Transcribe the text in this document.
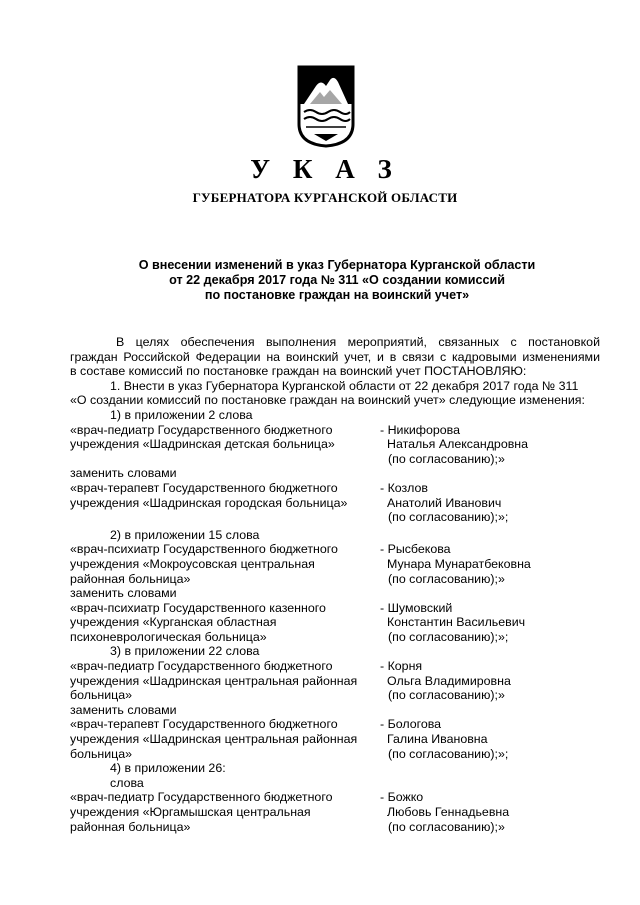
У К А З
ГУБЕРНАТОРА КУРГАНСКОЙ ОБЛАСТИ
О внесении изменений в указ Губернатора Курганской области
от 22 декабря 2017 года № 311 «О создании комиссий
по постановке граждан на воинский учет»
В целях обеспечения выполнения мероприятий, связанных с постановкой
граждан Российской Федерации на воинский учет, и в связи с кадровыми изменениями
в составе комиссий по постановке граждан на воинский учет ПОСТАНОВЛЯЮ:
1. Внести в указ Губернатора Курганской области от 22 декабря 2017 года № 311
«О создании комиссий по постановке граждан на воинский учет» следующие изменения:
1) в приложении 2 слова
«врач-педиатр Государственного бюджетного
учреждения «Шадринская детская больница»
- Никифорова
Наталья Александровна
(по согласованию);»
заменить словами
«врач-терапевт Государственного бюджетного
учреждения «Шадринская городская больница»
- Козлов
Анатолий Иванович
(по согласованию);»;
2) в приложении 15 слова
«врач-психиатр Государственного бюджетного
учреждения «Мокроусовская центральная
районная больница»
- Рысбекова
Мунара Мунаратбековна
(по согласованию);»
заменить словами
«врач-психиатр Государственного казенного
учреждения «Курганская областная
психоневрологическая больница»
- Шумовский
Константин Васильевич
(по согласованию);»;
3) в приложении 22 слова
«врач-педиатр Государственного бюджетного
учреждения «Шадринская центральная районная
больница»
- Корня
Ольга Владимировна
(по согласованию);»
заменить словами
«врач-терапевт Государственного бюджетного
учреждения «Шадринская центральная районная
больница»
- Бологова
Галина Ивановна
(по согласованию);»;
4) в приложении 26:
слова
«врач-педиатр Государственного бюджетного
учреждения «Юргамышская центральная
районная больница»
- Божко
Любовь Геннадьевна
(по согласованию);»
